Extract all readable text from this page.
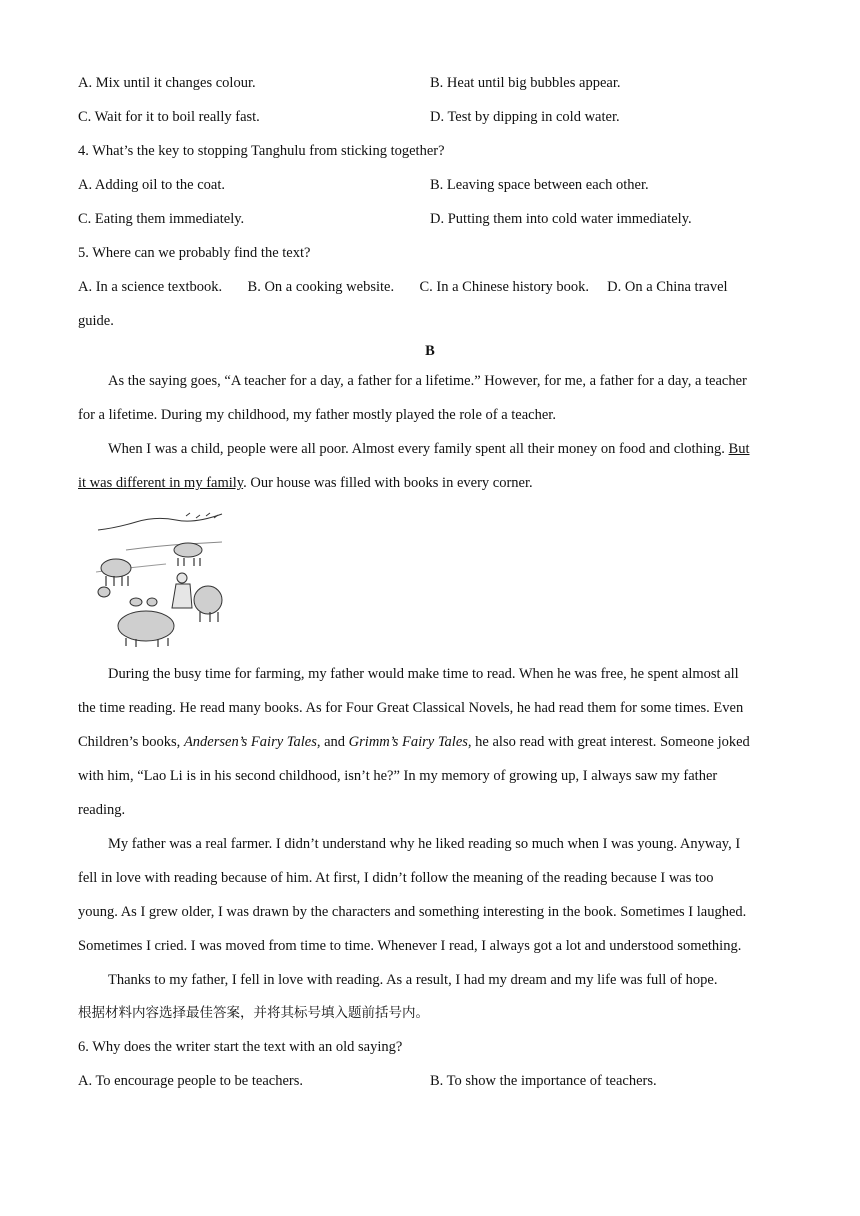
A. Mix until it changes colour.	B. Heat until big bubbles appear.
C. Wait for it to boil really fast.	D. Test by dipping in cold water.
4. What’s the key to stopping Tanghulu from sticking together?
A. Adding oil to the coat.	B. Leaving space between each other.
C. Eating them immediately.	D. Putting them into cold water immediately.
5. Where can we probably find the text?
A. In a science textbook.       B. On a cooking website.       C. In a Chinese history book.     D. On a China travel
guide.
B
As the saying goes, “A teacher for a day, a father for a lifetime.” However, for me, a father for a day, a teacher
for a lifetime. During my childhood, my father mostly played the role of a teacher.
When I was a child, people were all poor. Almost every family spent all their money on food and clothing. But
it was different in my family. Our house was filled with books in every corner.
During the busy time for farming, my father would make time to read. When he was free, he spent almost all
the time reading. He read many books. As for Four Great Classical Novels, he had read them for some times. Even
Children’s books, Andersen’s Fairy Tales, and Grimm’s Fairy Tales, he also read with great interest. Someone joked
with him, “Lao Li is in his second childhood, isn’t he?” In my memory of growing up, I always saw my father
reading.
My father was a real farmer. I didn’t understand why he liked reading so much when I was young. Anyway, I
fell in love with reading because of him. At first, I didn’t follow the meaning of the reading because I was too
young. As I grew older, I was drawn by the characters and something interesting in the book. Sometimes I laughed.
Sometimes I cried. I was moved from time to time. Whenever I read, I always got a lot and understood something.
Thanks to my father, I fell in love with reading. As a result, I had my dream and my life was full of hope.
根据材料内容选择最佳答案，并将其标号填入题前括号内。
6. Why does the writer start the text with an old saying?
A. To encourage people to be teachers.	B. To show the importance of teachers.
